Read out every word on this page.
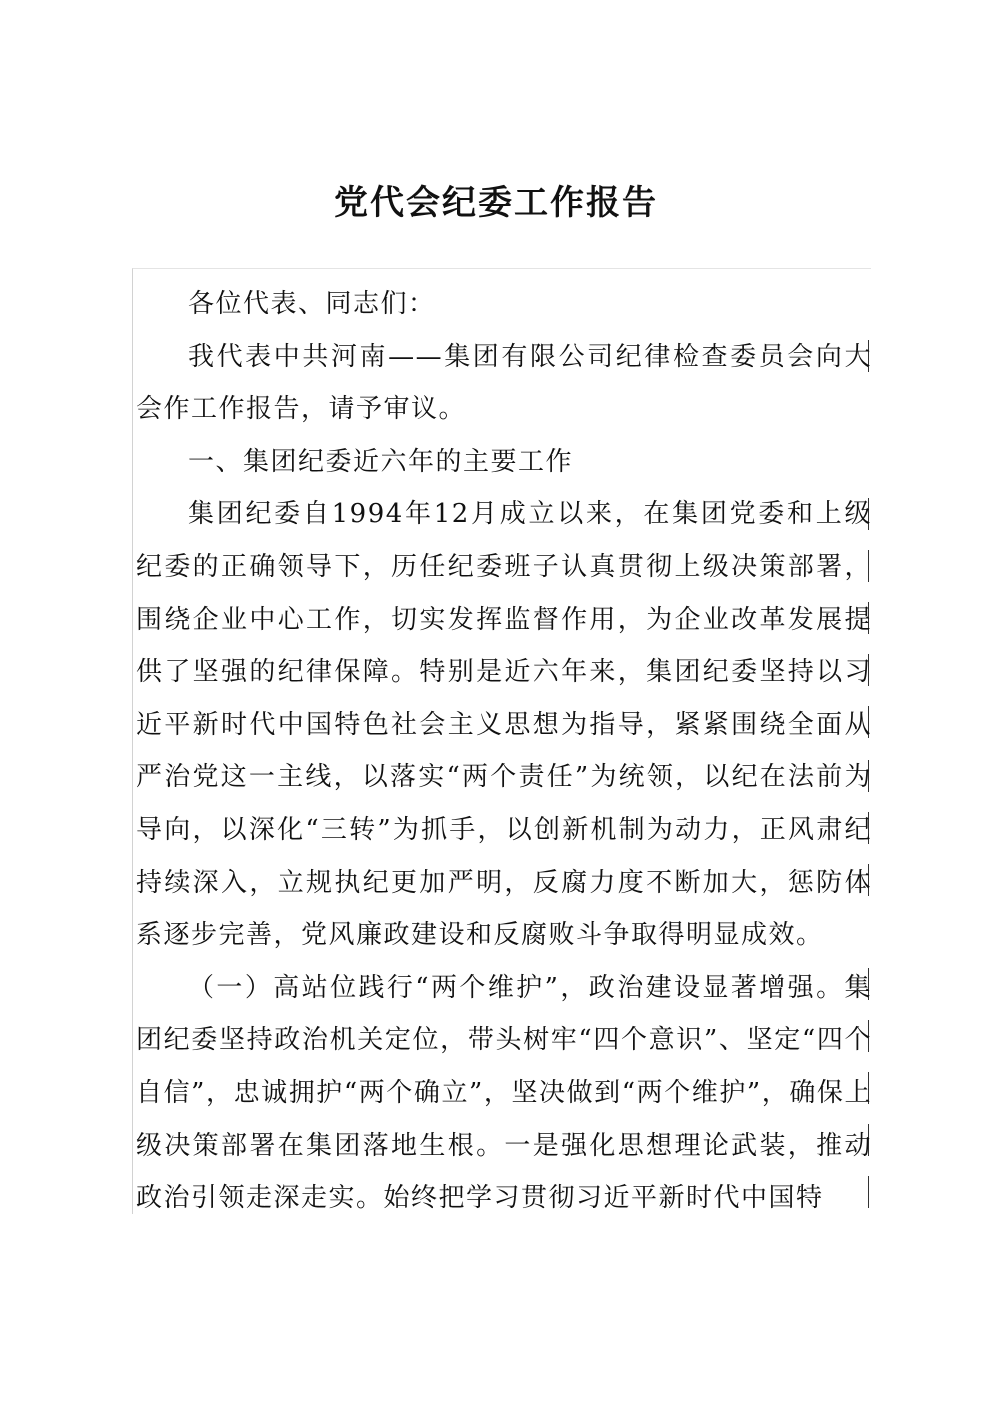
党代会纪委工作报告

各位代表、同志们：

我代表中共河南——集团有限公司纪律检查委员会向大会作工作报告，请予审议。

一、集团纪委近六年的主要工作

集团纪委自1994年12月成立以来，在集团党委和上级纪委的正确领导下，历任纪委班子认真贯彻上级决策部署，围绕企业中心工作，切实发挥监督作用，为企业改革发展提供了坚强的纪律保障。特别是近六年来，集团纪委坚持以习近平新时代中国特色社会主义思想为指导，紧紧围绕全面从严治党这一主线，以落实“两个责任”为统领，以纪在法前为导向，以深化“三转”为抓手，以创新机制为动力，正风肃纪持续深入，立规执纪更加严明，反腐力度不断加大，惩防体系逐步完善，党风廉政建设和反腐败斗争取得明显成效。

（一）高站位践行“两个维护”，政治建设显著增强。集团纪委坚持政治机关定位，带头树牢“四个意识”、坚定“四个自信”，忠诚拥护“两个确立”，坚决做到“两个维护”，确保上级决策部署在集团落地生根。一是强化思想理论武装，推动政治引领走深走实。始终把学习贯彻习近平新时代中国特
